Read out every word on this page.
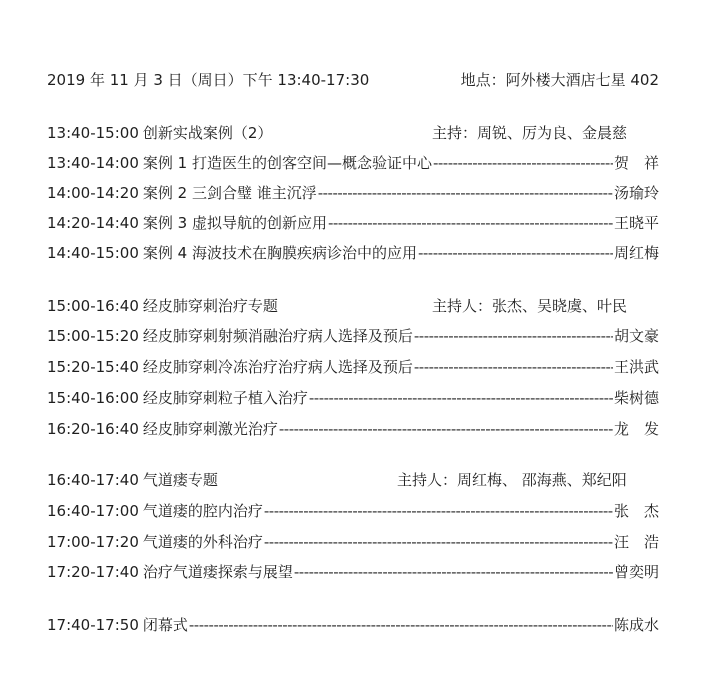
2019 年 11 月 3 日（周日）下午 13:40-17:30	地点：阿外楼大酒店七星 402
13:40-15:00 创新实战案例（2）	主持：周锐、厉为良、金晨慈
13:40-14:00 案例 1 打造医生的创客空间—概念验证中心 -----	贺　祥
14:00-14:20 案例 2 三剑合璧 谁主沉浮 -----	汤瑜玲
14:20-14:40 案例 3 虚拟导航的创新应用 -----	王晓平
14:40-15:00 案例 4 海波技术在胸膜疾病诊治中的应用 -----	周红梅
15:00-16:40 经皮肺穿刺治疗专题	主持人：张杰、吴晓虞、叶民
15:00-15:20 经皮肺穿刺射频消融治疗病人选择及预后 -----	胡文豪
15:20-15:40 经皮肺穿刺冷冻治疗治疗病人选择及预后 -----	王洪武
15:40-16:00 经皮肺穿刺粒子植入治疗 -----	柴树德
16:20-16:40 经皮肺穿刺激光治疗 -----	龙　发
16:40-17:40 气道瘘专题	主持人：周红梅、 邵海燕、郑纪阳
16:40-17:00 气道瘘的腔内治疗 -----	张　杰
17:00-17:20 气道瘘的外科治疗 -----	汪　浩
17:20-17:40 治疗气道瘘探索与展望 -----	曾奕明
17:40-17:50 闭幕式 -----	陈成水
